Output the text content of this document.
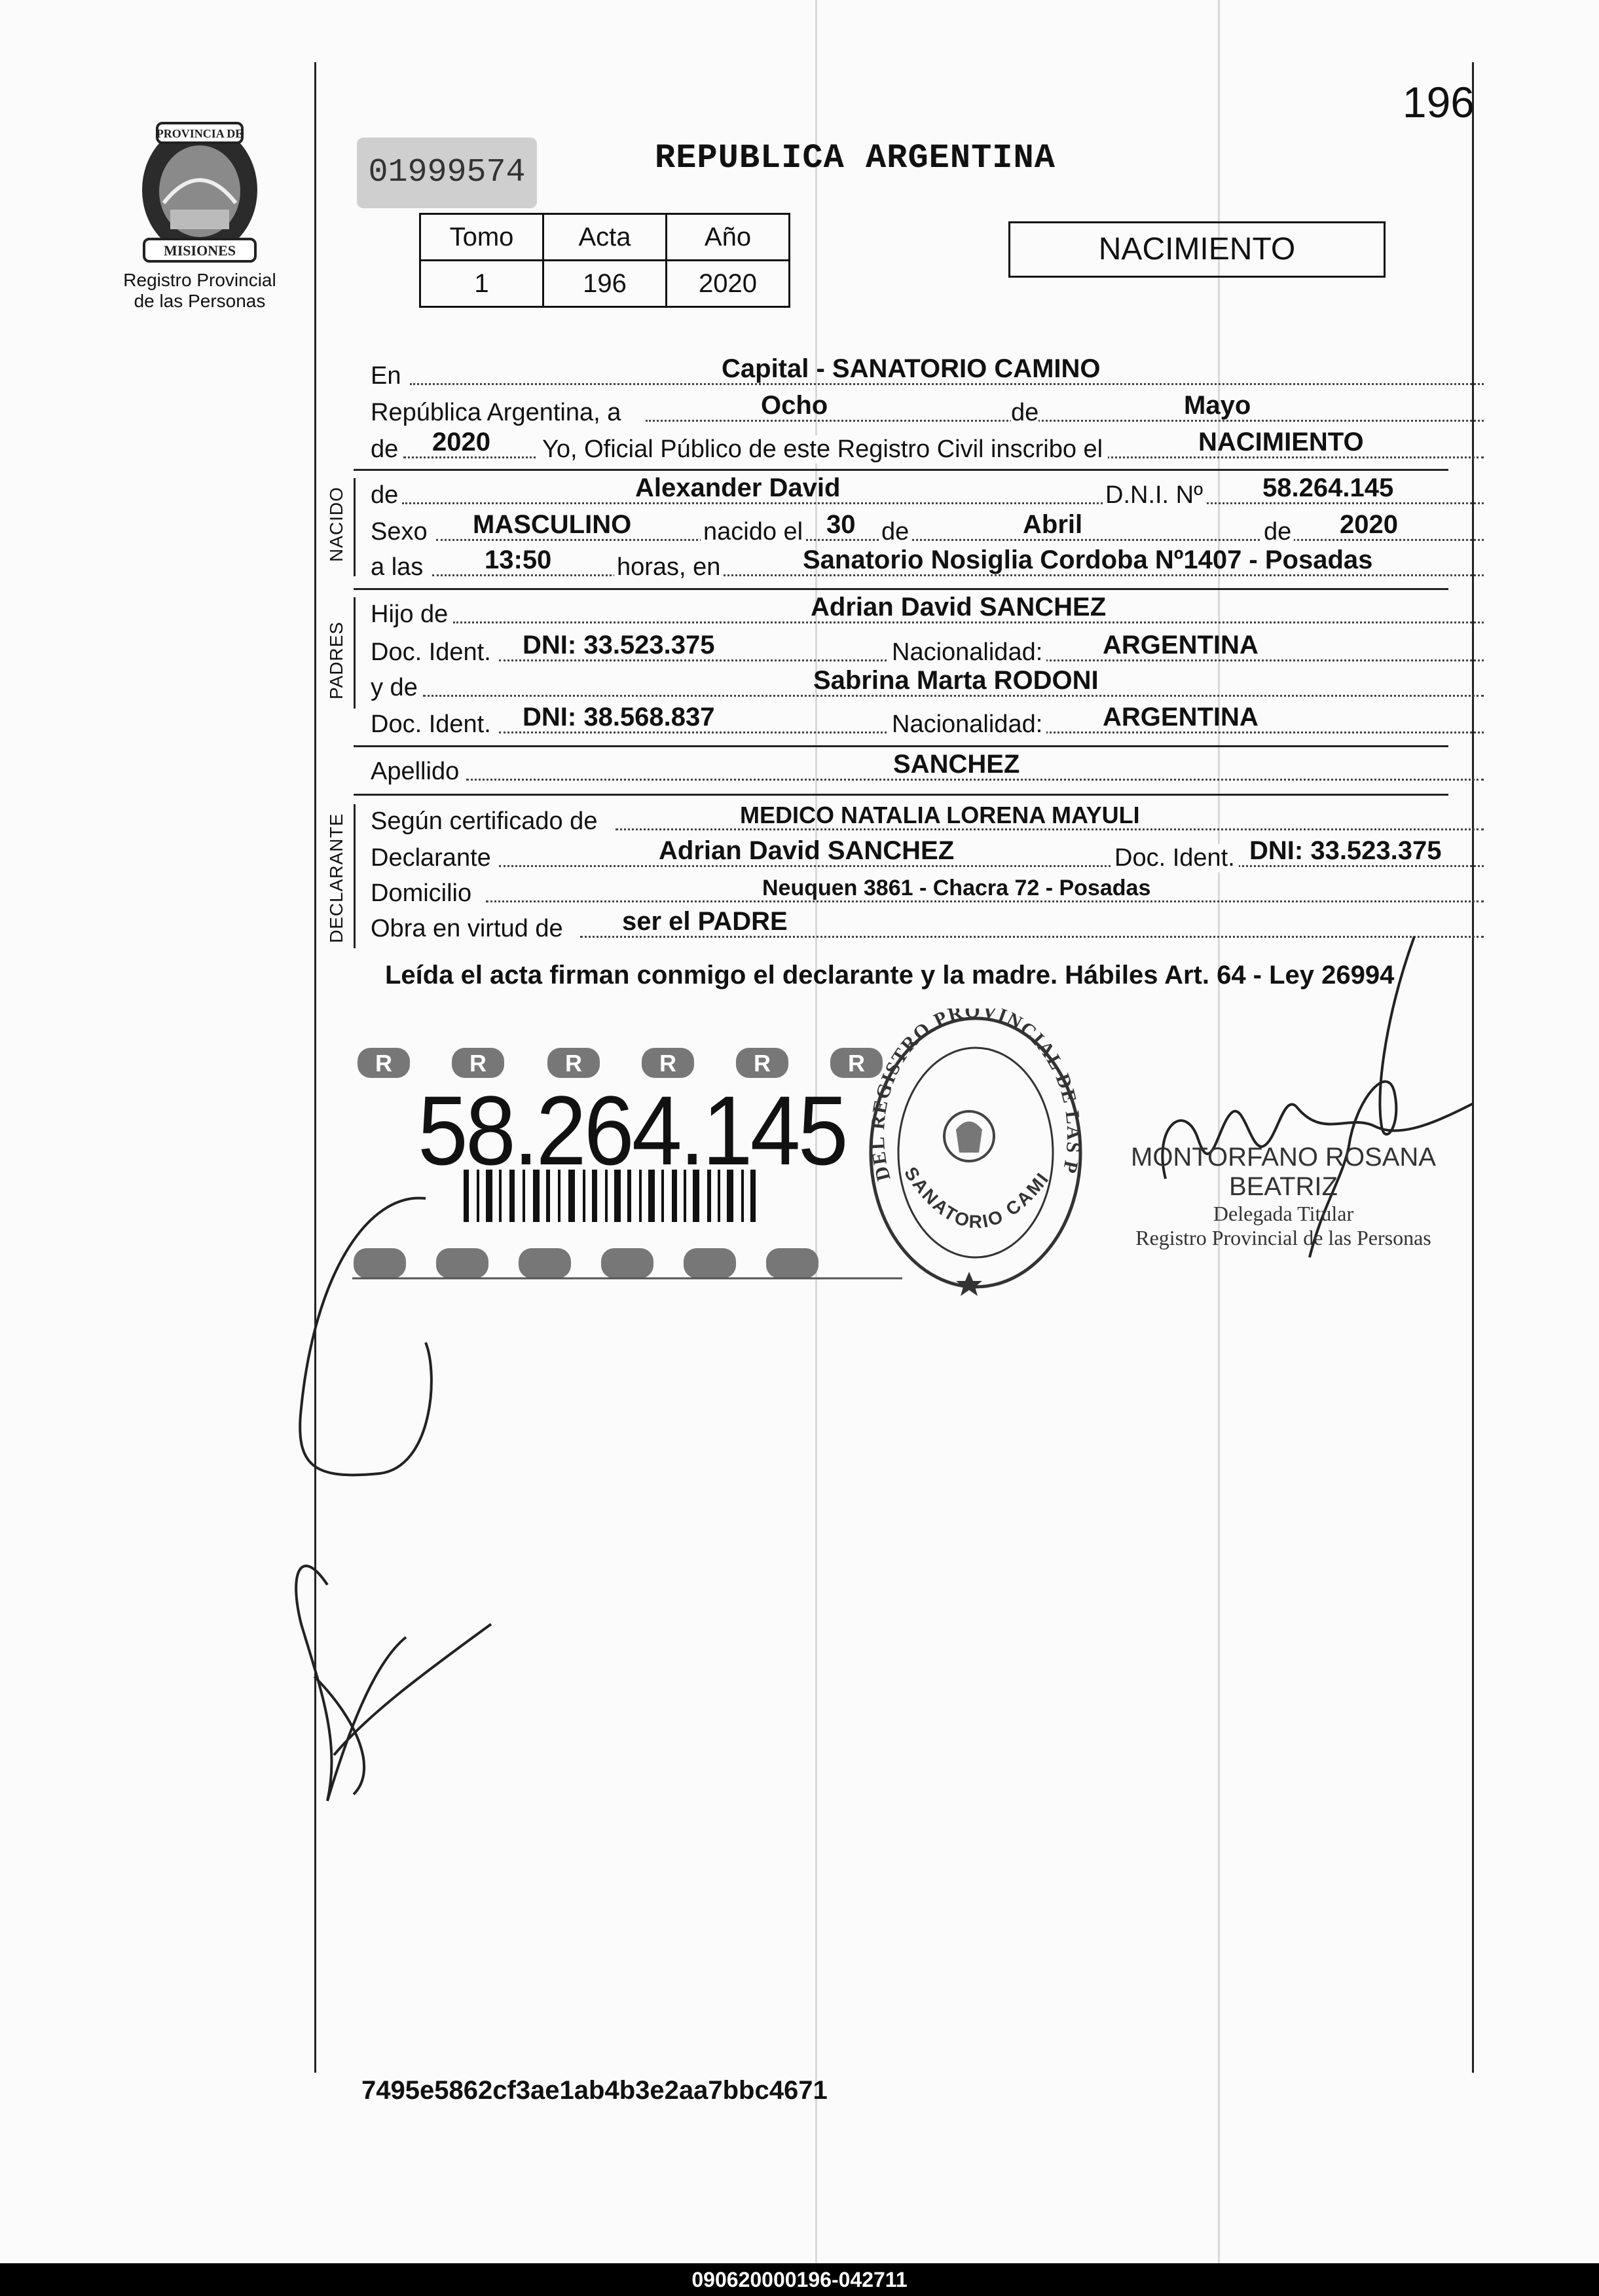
PROVINCIA DE
MISIONES
Registro Provincial
de las Personas
196
01999574	REPUBLICA ARGENTINA
Tomo	Acta	Año
1	196	2020
NACIMIENTO
En	Capital - SANATORIO CAMINO
República Argentina, a	Ocho	de	Mayo
de 2020 Yo, Oficial Público de este Registro Civil inscribo el	NACIMIENTO
NACIDO de	Alexander David	D.N.I. Nº 58.264.145
Sexo MASCULINO	nacido el 30 de	Abril	de 2020
a las 13:50	horas, en	Sanatorio Nosiglia Cordoba Nº1407 - Posadas
PADRES
Hijo de	Adrian David SANCHEZ
Doc. Ident. DNI: 33.523.375	Nacionalidad: ARGENTINA
y de	Sabrina Marta RODONI
Doc. Ident. DNI: 38.568.837	Nacionalidad: ARGENTINA
Apellido	SANCHEZ
DECLARANTE Según certificado de	MEDICO NATALIA LORENA MAYULI
Declarante	Adrian David SANCHEZ	Doc. Ident. DNI: 33.523.375
Domicilio	Neuquen 3861 - Chacra 72 - Posadas
Obra en virtud de ser el PADRE
Leída el acta firman conmigo el declarante y la madre. Hábiles Art. 64 - Ley 26994
R	R	R	R	R	R
58.264.145	DEL REGISTRO PROVINCIAL DE LAS P
SANATORIO CAMI
MONTORFANO ROSANA BEATRIZ
Delegada Titular
Registro Provincial de las Personas
7495e5862cf3ae1ab4b3e2aa7bbc4671
090620000196-042711
